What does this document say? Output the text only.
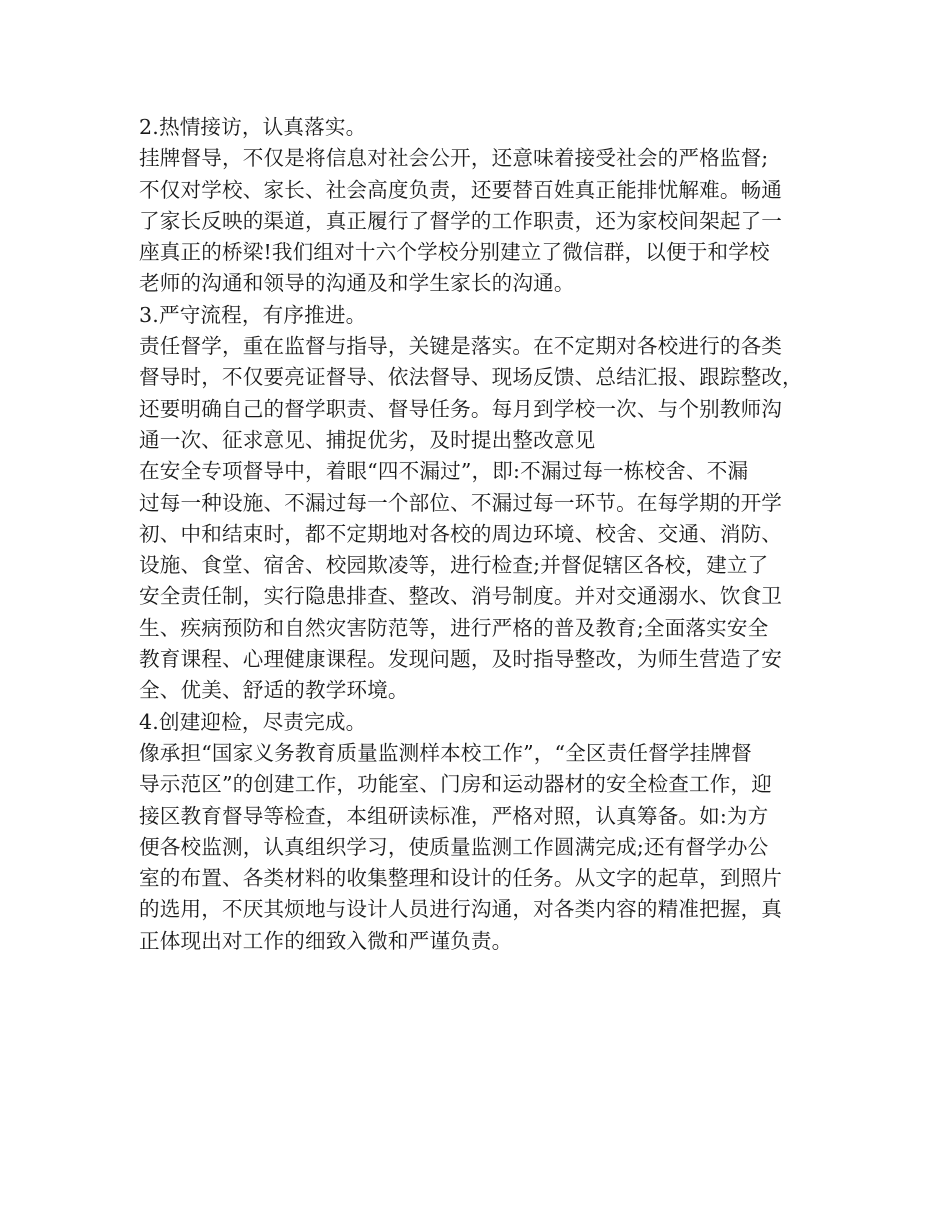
2.热情接访，认真落实。
挂牌督导，不仅是将信息对社会公开，还意味着接受社会的严格监督;
不仅对学校、家长、社会高度负责，还要替百姓真正能排忧解难。畅通
了家长反映的渠道，真正履行了督学的工作职责，还为家校间架起了一
座真正的桥梁!我们组对十六个学校分别建立了微信群，以便于和学校
老师的沟通和领导的沟通及和学生家长的沟通。
3.严守流程，有序推进。
责任督学，重在监督与指导，关键是落实。在不定期对各校进行的各类
督导时，不仅要亮证督导、依法督导、现场反馈、总结汇报、跟踪整改，
还要明确自己的督学职责、督导任务。每月到学校一次、与个别教师沟
通一次、征求意见、捕捉优劣，及时提出整改意见
在安全专项督导中，着眼“四不漏过”，即:不漏过每一栋校舍、不漏
过每一种设施、不漏过每一个部位、不漏过每一环节。在每学期的开学
初、中和结束时，都不定期地对各校的周边环境、校舍、交通、消防、
设施、食堂、宿舍、校园欺凌等，进行检查;并督促辖区各校，建立了
安全责任制，实行隐患排查、整改、消号制度。并对交通溺水、饮食卫
生、疾病预防和自然灾害防范等，进行严格的普及教育;全面落实安全
教育课程、心理健康课程。发现问题，及时指导整改，为师生营造了安
全、优美、舒适的教学环境。
4.创建迎检，尽责完成。
像承担“国家义务教育质量监测样本校工作”，“全区责任督学挂牌督
导示范区”的创建工作，功能室、门房和运动器材的安全检查工作，迎
接区教育督导等检查，本组研读标准，严格对照，认真筹备。如:为方
便各校监测，认真组织学习，使质量监测工作圆满完成;还有督学办公
室的布置、各类材料的收集整理和设计的任务。从文字的起草，到照片
的选用，不厌其烦地与设计人员进行沟通，对各类内容的精准把握，真
正体现出对工作的细致入微和严谨负责。
